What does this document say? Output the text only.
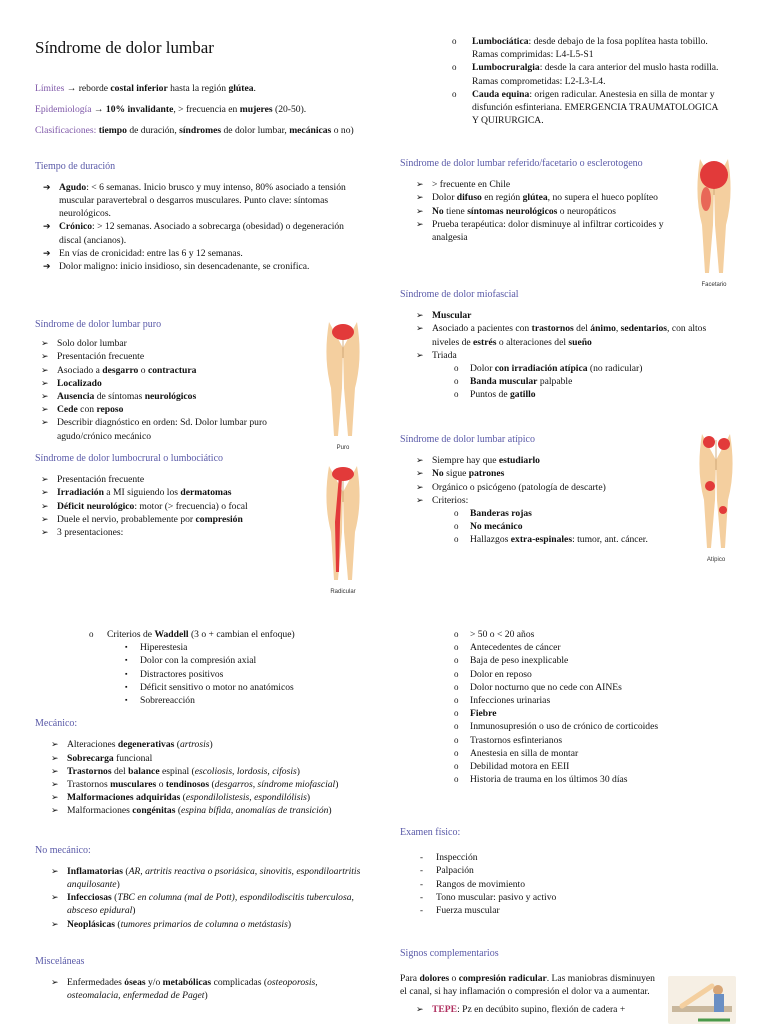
Síndrome de dolor lumbar

Límites → reborde costal inferior hasta la región glútea.

Epidemiología → 10% invalidante, > frecuencia en mujeres (20-50).

Clasificaciones: tiempo de duración, síndromes de dolor lumbar, mecánicas o no)

Tiempo de duración

➔ Agudo: < 6 semanas. Inicio brusco y muy intenso, 80% asociado a tensión muscular paravertebral o desgarros musculares. Punto clave: síntomas neurológicos.
➔ Crónico: > 12 semanas. Asociado a sobrecarga (obesidad) o degeneración discal (ancianos).
➔ En vías de cronicidad: entre las 6 y 12 semanas.
➔ Dolor maligno: inicio insidioso, sin desencadenante, se cronifica.

Síndrome de dolor lumbar puro

➢ Solo dolor lumbar
➢ Presentación frecuente
➢ Asociado a desgarro o contractura
➢ Localizado
➢ Ausencia de síntomas neurológicos
➢ Cede con reposo
➢ Describir diagnóstico en orden: Sd. Dolor lumbar puro agudo/crónico mecánico
Puro

Síndrome de dolor lumbocrural o lumbociático

➢ Presentación frecuente
➢ Irradiación a MI siguiendo los dermatomas
➢ Déficit neurológico: motor (> frecuencia) o focal
➢ Duele el nervio, probablemente por compresión
➢ 3 presentaciones:
Radicular
o	Criterios de Waddell (3 o + cambian el enfoque)
▪	Hiperestesia
▪	Dolor con la compresión axial
▪	Distractores positivos
▪	Déficit sensitivo o motor no anatómicos
▪	Sobrereacción

Mecánico:

➢ Alteraciones degenerativas (artrosis)
➢ Sobrecarga funcional
➢ Trastornos del balance espinal (escoliosis, lordosis, cifosis)
➢ Trastornos musculares o tendinosos (desgarros, síndrome miofascial)
➢ Malformaciones adquiridas (espondilolistesis, espondilólisis)
➢ Malformaciones congénitas (espina bífida, anomalías de transición)

No mecánico:

➢ Inflamatorias (AR, artritis reactiva o psoriásica, sinovitis, espondiloartritis anquilosante)
➢ Infecciosas (TBC en columna (mal de Pott), espondilodiscitis tuberculosa, absceso epidural)
➢ Neoplásicas (tumores primarios de columna o metástasis)

Misceláneas

➢ Enfermedades óseas y/o metabólicas complicadas (osteoporosis, osteomalacia, enfermedad de Paget)
o	Lumbociática: desde debajo de la fosa poplítea hasta tobillo. Ramas comprimidas: L4-L5-S1
o	Lumbocruralgia: desde la cara anterior del muslo hasta rodilla. Ramas comprometidas: L2-L3-L4.
o	Cauda equina: origen radicular. Anestesia en silla de montar y disfunción esfinteriana. EMERGENCIA TRAUMATOLOGICA Y QUIRURGICA.

Síndrome de dolor lumbar referido/facetario o esclerotogeno

➢ > frecuente en Chile
➢ Dolor difuso en región glútea, no supera el hueco poplíteo
➢ No tiene síntomas neurológicos o neuropáticos
➢ Prueba terapéutica: dolor disminuye al infiltrar corticoides y analgesia
Facetario

Síndrome de dolor miofascial

➢ Muscular
➢ Asociado a pacientes con trastornos del ánimo, sedentarios, con altos niveles de estrés o alteraciones del sueño
➢ Triada
o	Dolor con irradiación atípica (no radicular)
o	Banda muscular palpable
o	Puntos de gatillo

Síndrome de dolor lumbar atípico

➢ Siempre hay que estudiarlo
➢ No sigue patrones
➢ Orgánico o psicógeno (patología de descarte)
➢ Criterios:
o	Banderas rojas
o	No mecánico
o	Hallazgos extra-espinales: tumor, ant. cáncer.
Atípico
o	> 50 o < 20 años
o	Antecedentes de cáncer
o	Baja de peso inexplicable
o	Dolor en reposo
o	Dolor nocturno que no cede con AINEs
o	Infecciones urinarias
o	Fiebre
o	Inmunosupresión o uso de crónico de corticoides
o	Trastornos esfinterianos
o	Anestesia en silla de montar
o	Debilidad motora en EEII
o	Historia de trauma en los últimos 30 días

Examen físico:

-	Inspección
-	Palpación
-	Rangos de movimiento
-	Tono muscular: pasivo y activo
-	Fuerza muscular

Signos complementarios

Para dolores o compresión radicular. Las maniobras disminuyen el canal, si hay inflamación o compresión el dolor va a aumentar.

➢ TEPE: Pz en decúbito supino, flexión de cadera +
